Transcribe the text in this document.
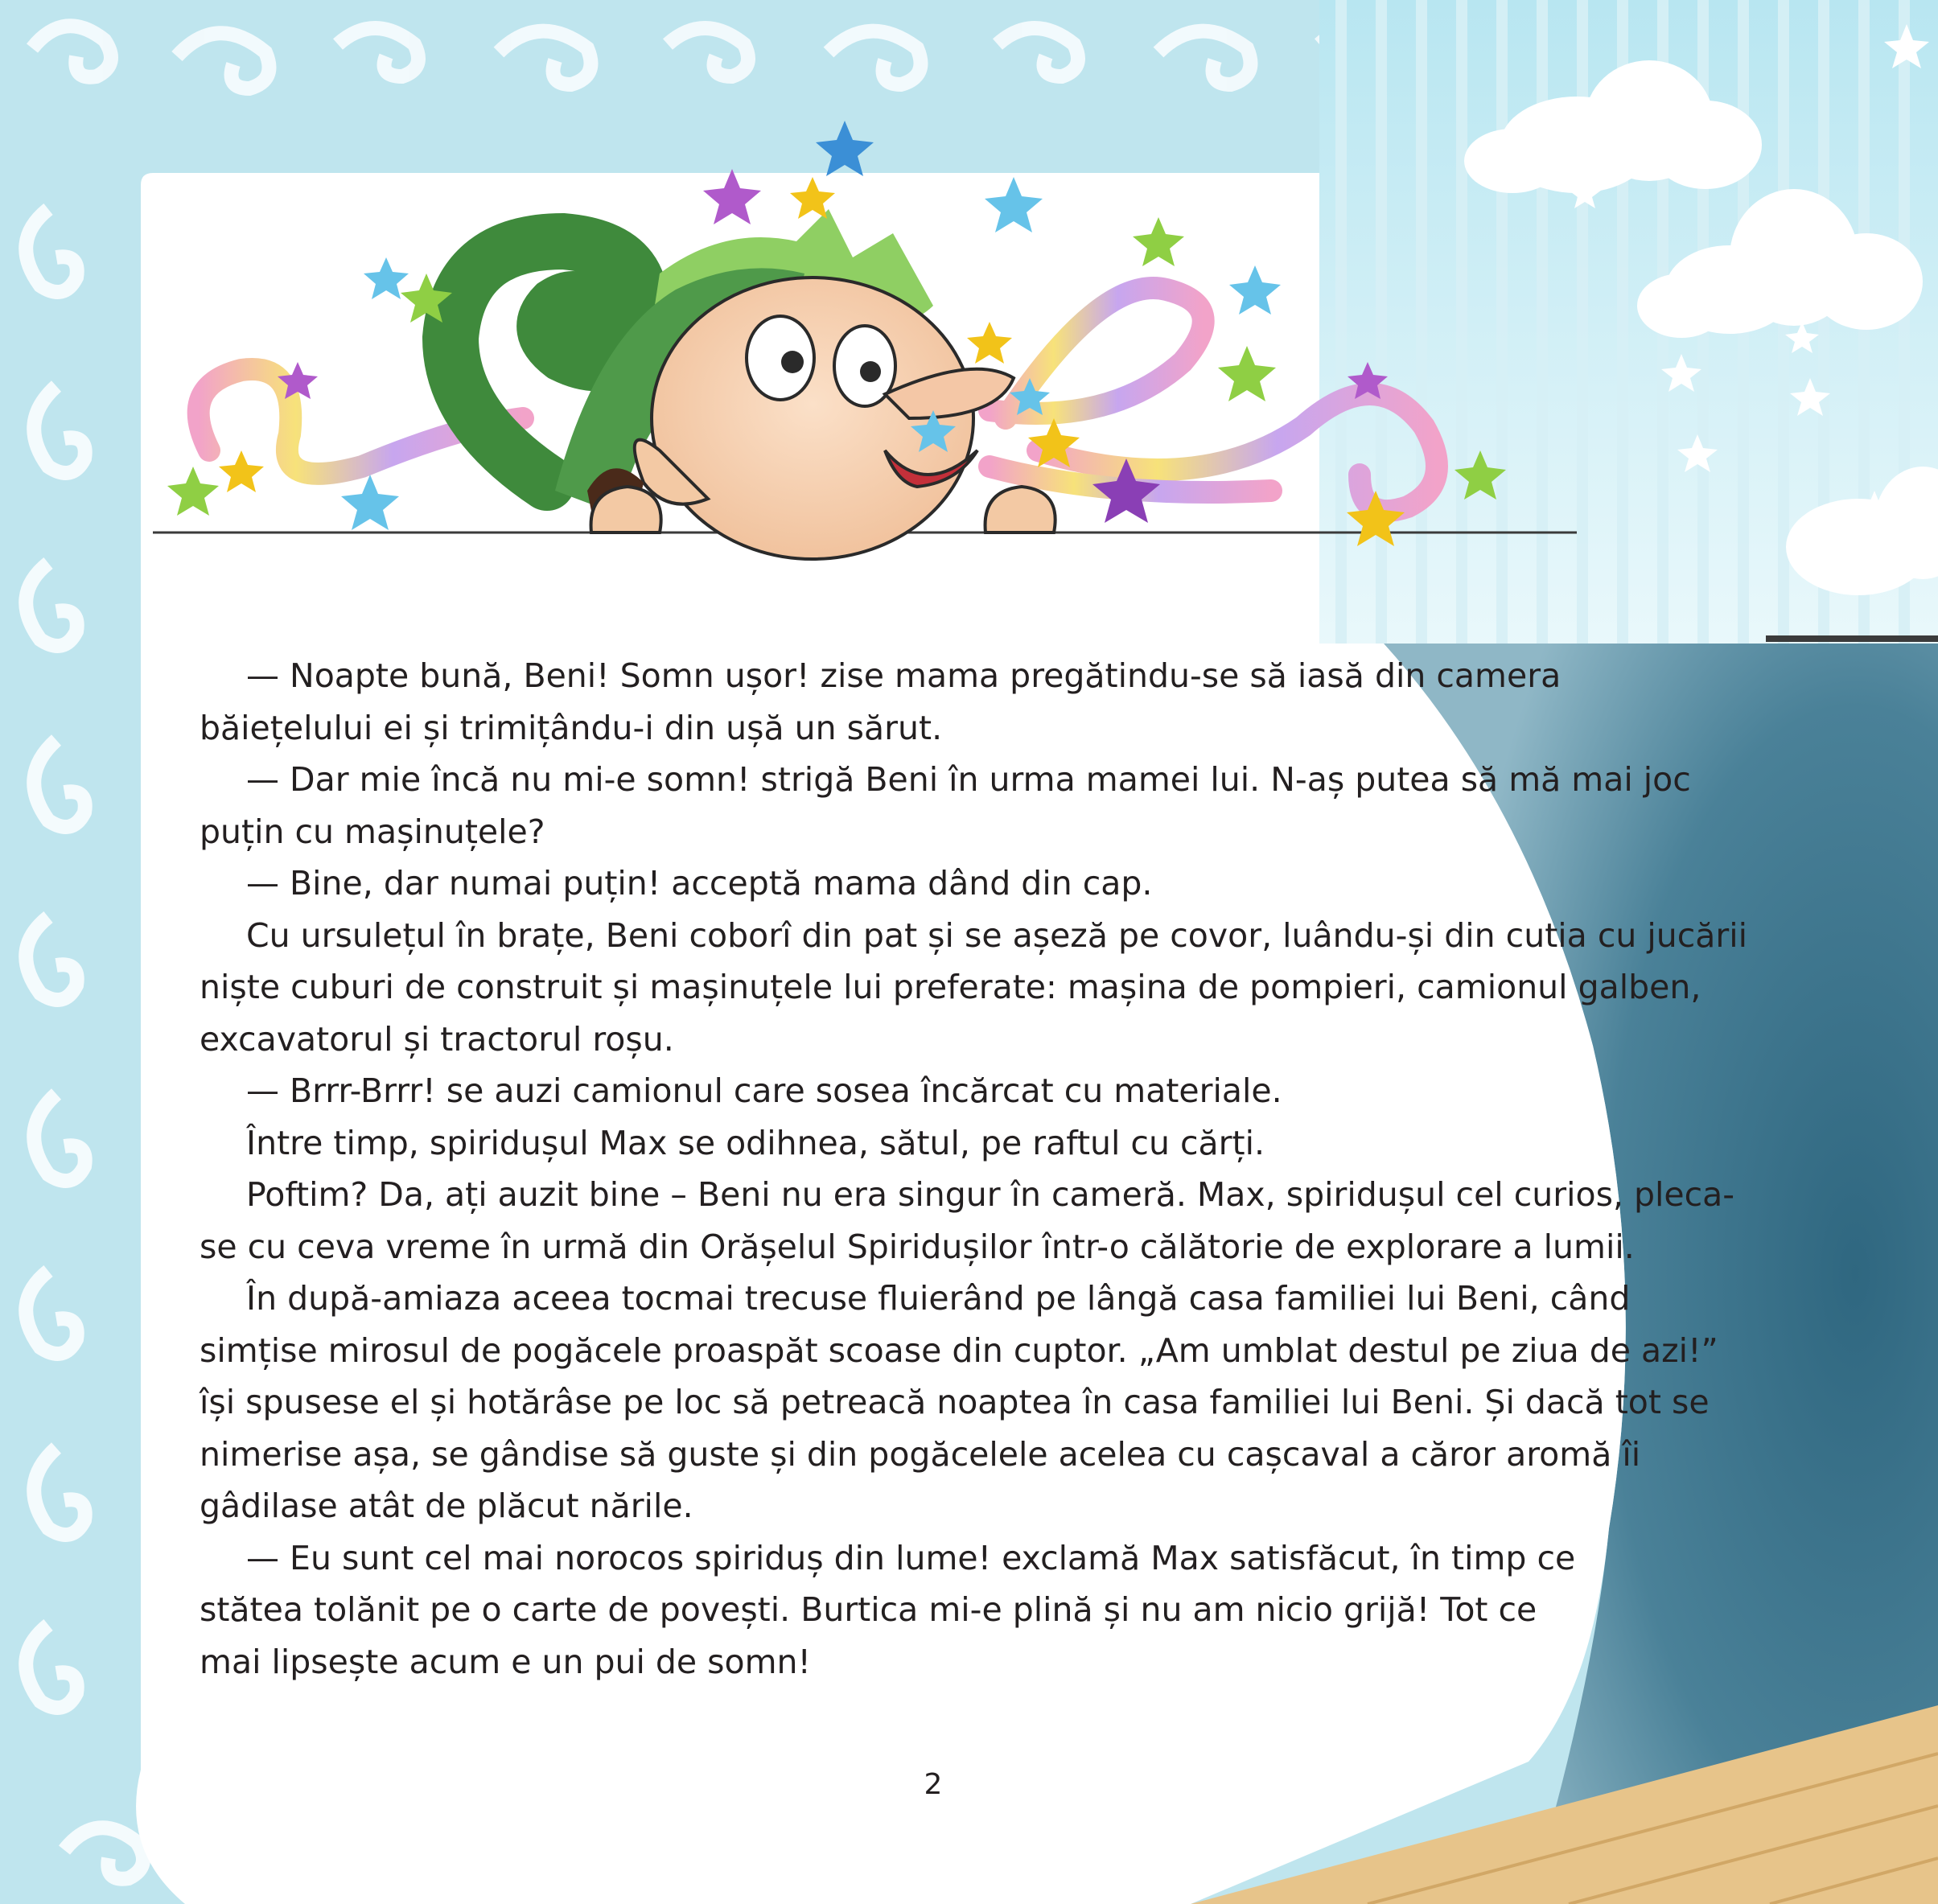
— Noapte bună, Beni! Somn ușor! zise mama pregătindu-se să iasă din camera

băiețelului ei și trimițându-i din ușă un sărut.

— Dar mie încă nu mi-e somn! strigă Beni în urma mamei lui. N-aș putea să mă mai joc

puțin cu mașinuțele?

— Bine, dar numai puțin! acceptă mama dând din cap.

Cu ursulețul în brațe, Beni coborî din pat și se așeză pe covor, luându-și din cutia cu jucării

niște cuburi de construit și mașinuțele lui preferate: mașina de pompieri, camionul galben,

excavatorul și tractorul roșu.

— Brrr-Brrr! se auzi camionul care sosea încărcat cu materiale.

Între timp, spiridușul Max se odihnea, sătul, pe raftul cu cărți.

Poftim? Da, ați auzit bine – Beni nu era singur în cameră. Max, spiridușul cel curios, pleca-

se cu ceva vreme în urmă din Orășelul Spiridușilor într-o călătorie de explorare a lumii.

În după-amiaza aceea tocmai trecuse fluierând pe lângă casa familiei lui Beni, când

simțise mirosul de pogăcele proaspăt scoase din cuptor. „Am umblat destul pe ziua de azi!”

își spusese el și hotărâse pe loc să petreacă noaptea în casa familiei lui Beni. Și dacă tot se

nimerise așa, se gândise să guste și din pogăcelele acelea cu cașcaval a căror aromă îi

gâdilase atât de plăcut nările.

— Eu sunt cel mai norocos spiriduș din lume! exclamă Max satisfăcut, în timp ce

stătea tolănit pe o carte de povești. Burtica mi-e plină și nu am nicio grijă! Tot ce

mai lipsește acum e un pui de somn!

2
